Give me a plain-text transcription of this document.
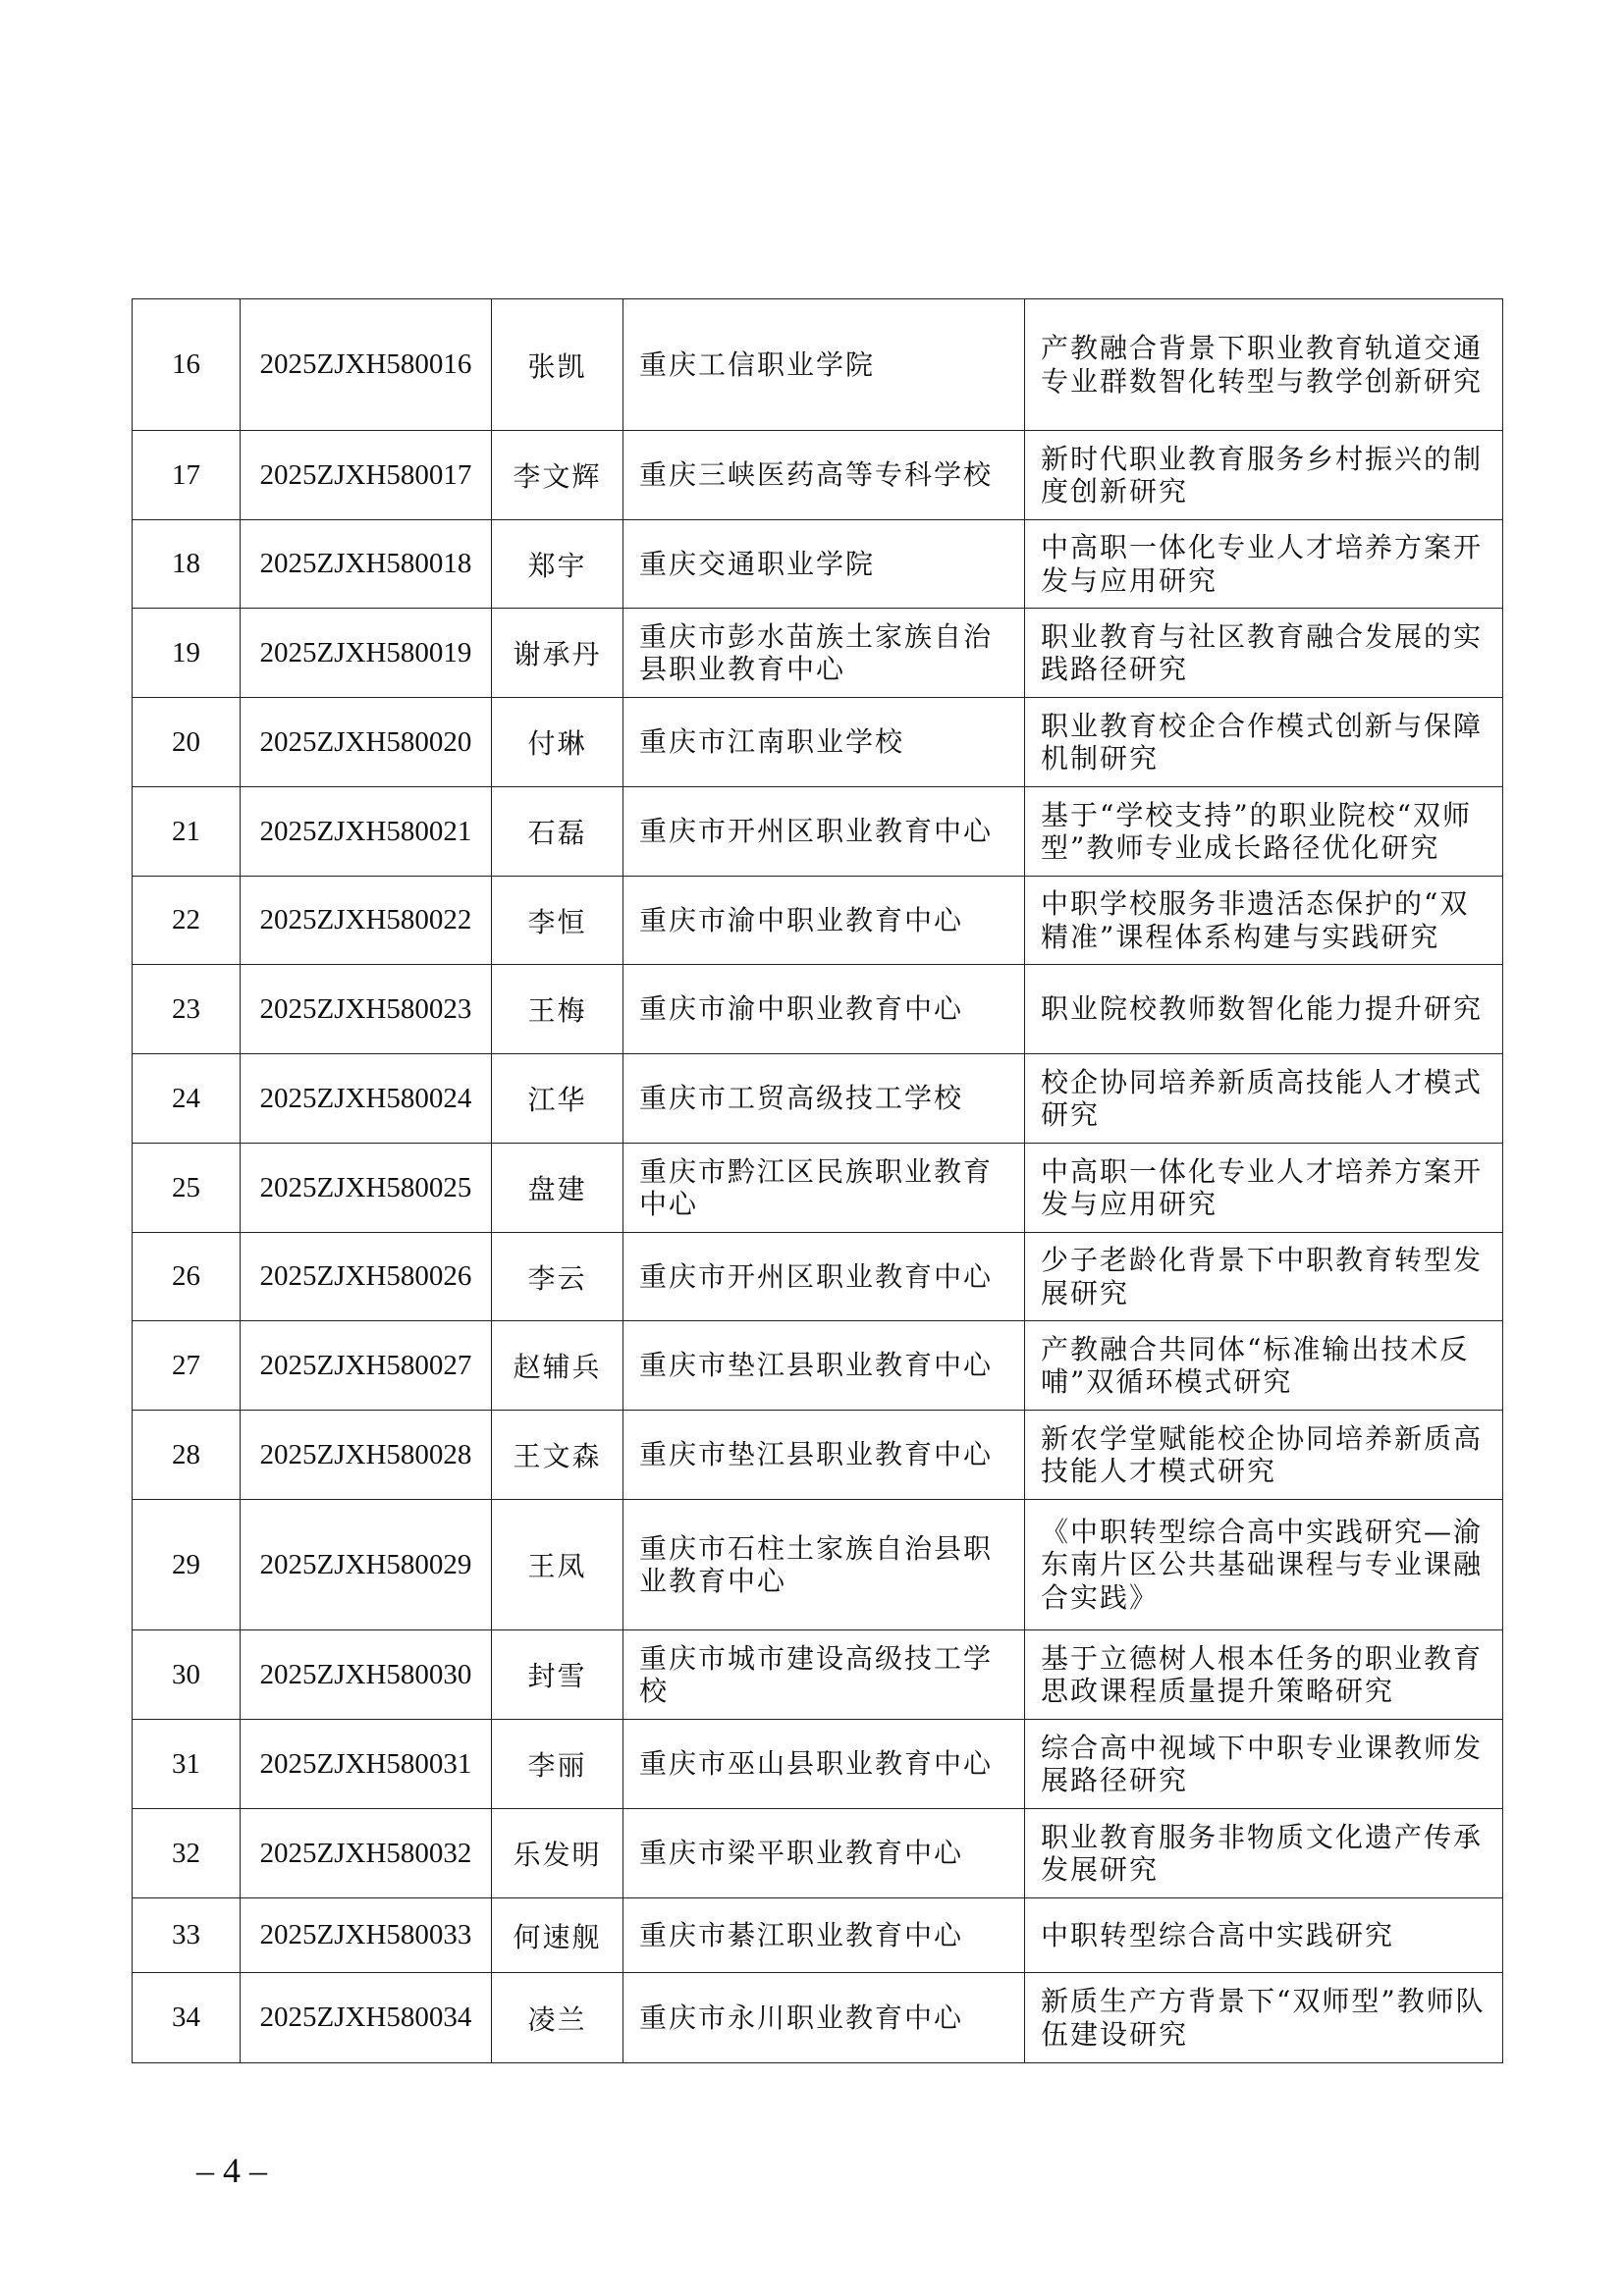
16	2025ZJXH580016	张凯	重庆工信职业学院	产教融合背景下职业教育轨道交通专业群数智化转型与教学创新研究
17	2025ZJXH580017	李文辉	重庆三峡医药高等专科学校	新时代职业教育服务乡村振兴的制度创新研究
18	2025ZJXH580018	郑宇	重庆交通职业学院	中高职一体化专业人才培养方案开发与应用研究
19	2025ZJXH580019	谢承丹	重庆市彭水苗族土家族自治县职业教育中心	职业教育与社区教育融合发展的实践路径研究
20	2025ZJXH580020	付琳	重庆市江南职业学校	职业教育校企合作模式创新与保障机制研究
21	2025ZJXH580021	石磊	重庆市开州区职业教育中心	基于“学校支持”的职业院校“双师型”教师专业成长路径优化研究
22	2025ZJXH580022	李恒	重庆市渝中职业教育中心	中职学校服务非遗活态保护的“双精准”课程体系构建与实践研究
23	2025ZJXH580023	王梅	重庆市渝中职业教育中心	职业院校教师数智化能力提升研究
24	2025ZJXH580024	江华	重庆市工贸高级技工学校	校企协同培养新质高技能人才模式研究
25	2025ZJXH580025	盘建	重庆市黔江区民族职业教育中心	中高职一体化专业人才培养方案开发与应用研究
26	2025ZJXH580026	李云	重庆市开州区职业教育中心	少子老龄化背景下中职教育转型发展研究
27	2025ZJXH580027	赵辅兵	重庆市垫江县职业教育中心	产教融合共同体“标准输出技术反哺”双循环模式研究
28	2025ZJXH580028	王文森	重庆市垫江县职业教育中心	新农学堂赋能校企协同培养新质高技能人才模式研究
29	2025ZJXH580029	王凤	重庆市石柱土家族自治县职业教育中心	《中职转型综合高中实践研究—渝东南片区公共基础课程与专业课融合实践》
30	2025ZJXH580030	封雪	重庆市城市建设高级技工学校	基于立德树人根本任务的职业教育思政课程质量提升策略研究
31	2025ZJXH580031	李丽	重庆市巫山县职业教育中心	综合高中视域下中职专业课教师发展路径研究
32	2025ZJXH580032	乐发明	重庆市梁平职业教育中心	职业教育服务非物质文化遗产传承发展研究
33	2025ZJXH580033	何速舰	重庆市綦江职业教育中心	中职转型综合高中实践研究
34	2025ZJXH580034	凌兰	重庆市永川职业教育中心	新质生产方背景下“双师型”教师队伍建设研究
– 4 –
